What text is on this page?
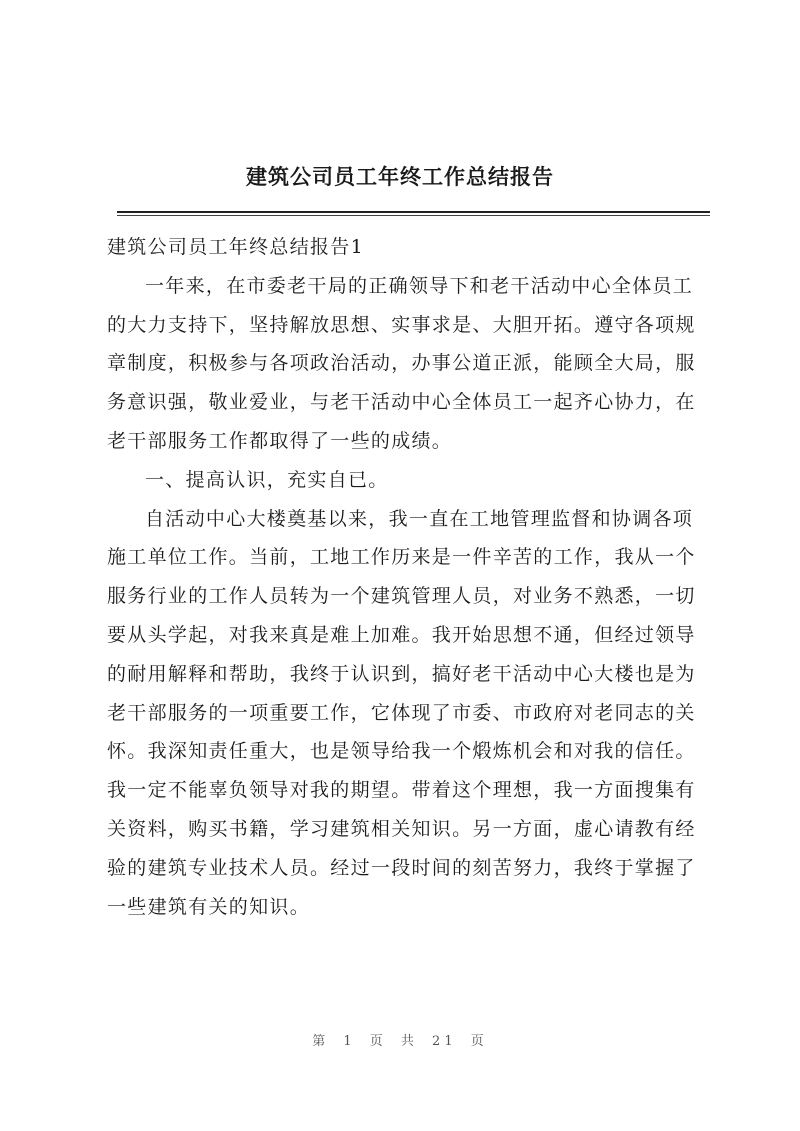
建筑公司员工年终工作总结报告

建筑公司员工年终总结报告1

一年来，在市委老干局的正确领导下和老干活动中心全体员工的大力支持下，坚持解放思想、实事求是、大胆开拓。遵守各项规章制度，积极参与各项政治活动，办事公道正派，能顾全大局，服务意识强，敬业爱业，与老干活动中心全体员工一起齐心协力，在老干部服务工作都取得了一些的成绩。

一、提高认识，充实自已。

自活动中心大楼奠基以来，我一直在工地管理监督和协调各项施工单位工作。当前，工地工作历来是一件辛苦的工作，我从一个服务行业的工作人员转为一个建筑管理人员，对业务不熟悉，一切要从头学起，对我来真是难上加难。我开始思想不通，但经过领导的耐用解释和帮助，我终于认识到，搞好老干活动中心大楼也是为老干部服务的一项重要工作，它体现了市委、市政府对老同志的关怀。我深知责任重大，也是领导给我一个煅炼机会和对我的信任。我一定不能辜负领导对我的期望。带着这个理想，我一方面搜集有关资料，购买书籍，学习建筑相关知识。另一方面，虚心请教有经验的建筑专业技术人员。经过一段时间的刻苦努力，我终于掌握了一些建筑有关的知识。

第 1 页 共 21 页
